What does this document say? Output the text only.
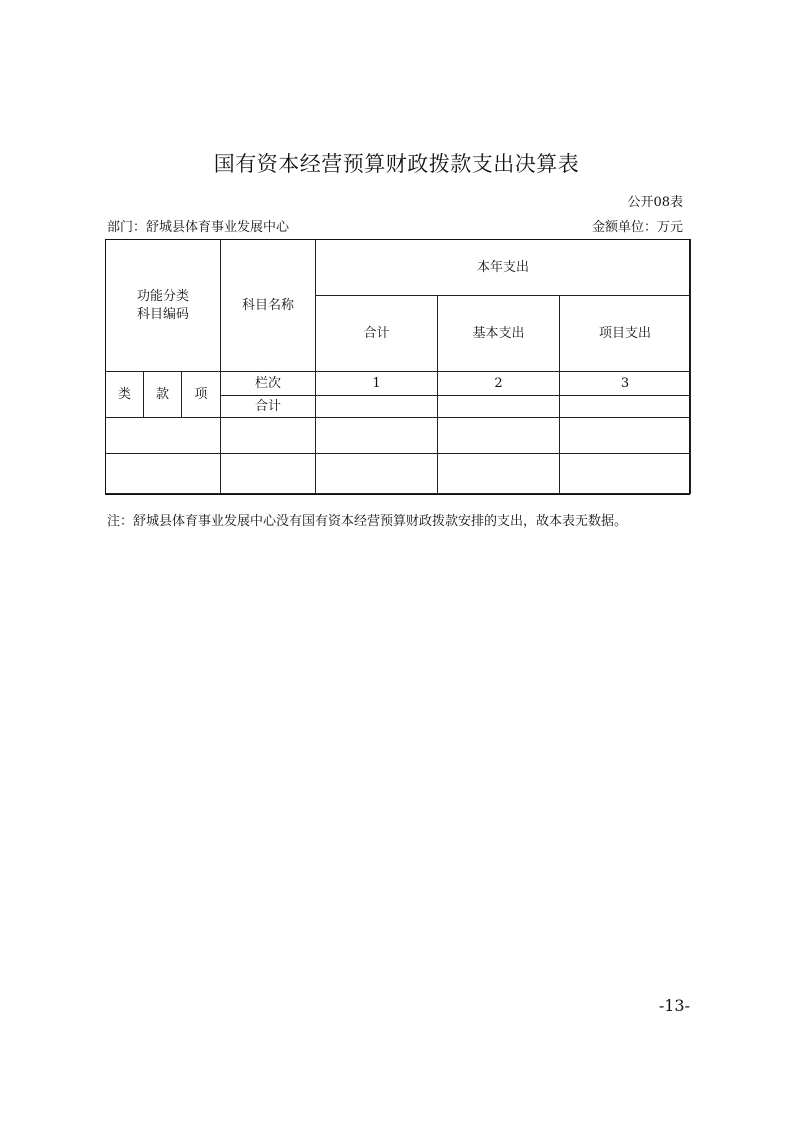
国有资本经营预算财政拨款支出决算表
公开08表
部门：舒城县体育事业发展中心	金额单位：万元
功能分类
科目编码			科目名称	本年支出		
				合计	基本支出	项目支出
类	款	项	栏次	1	2	3
			合计			

注：舒城县体育事业发展中心没有国有资本经营预算财政拨款安排的支出，故本表无数据。
-13-
